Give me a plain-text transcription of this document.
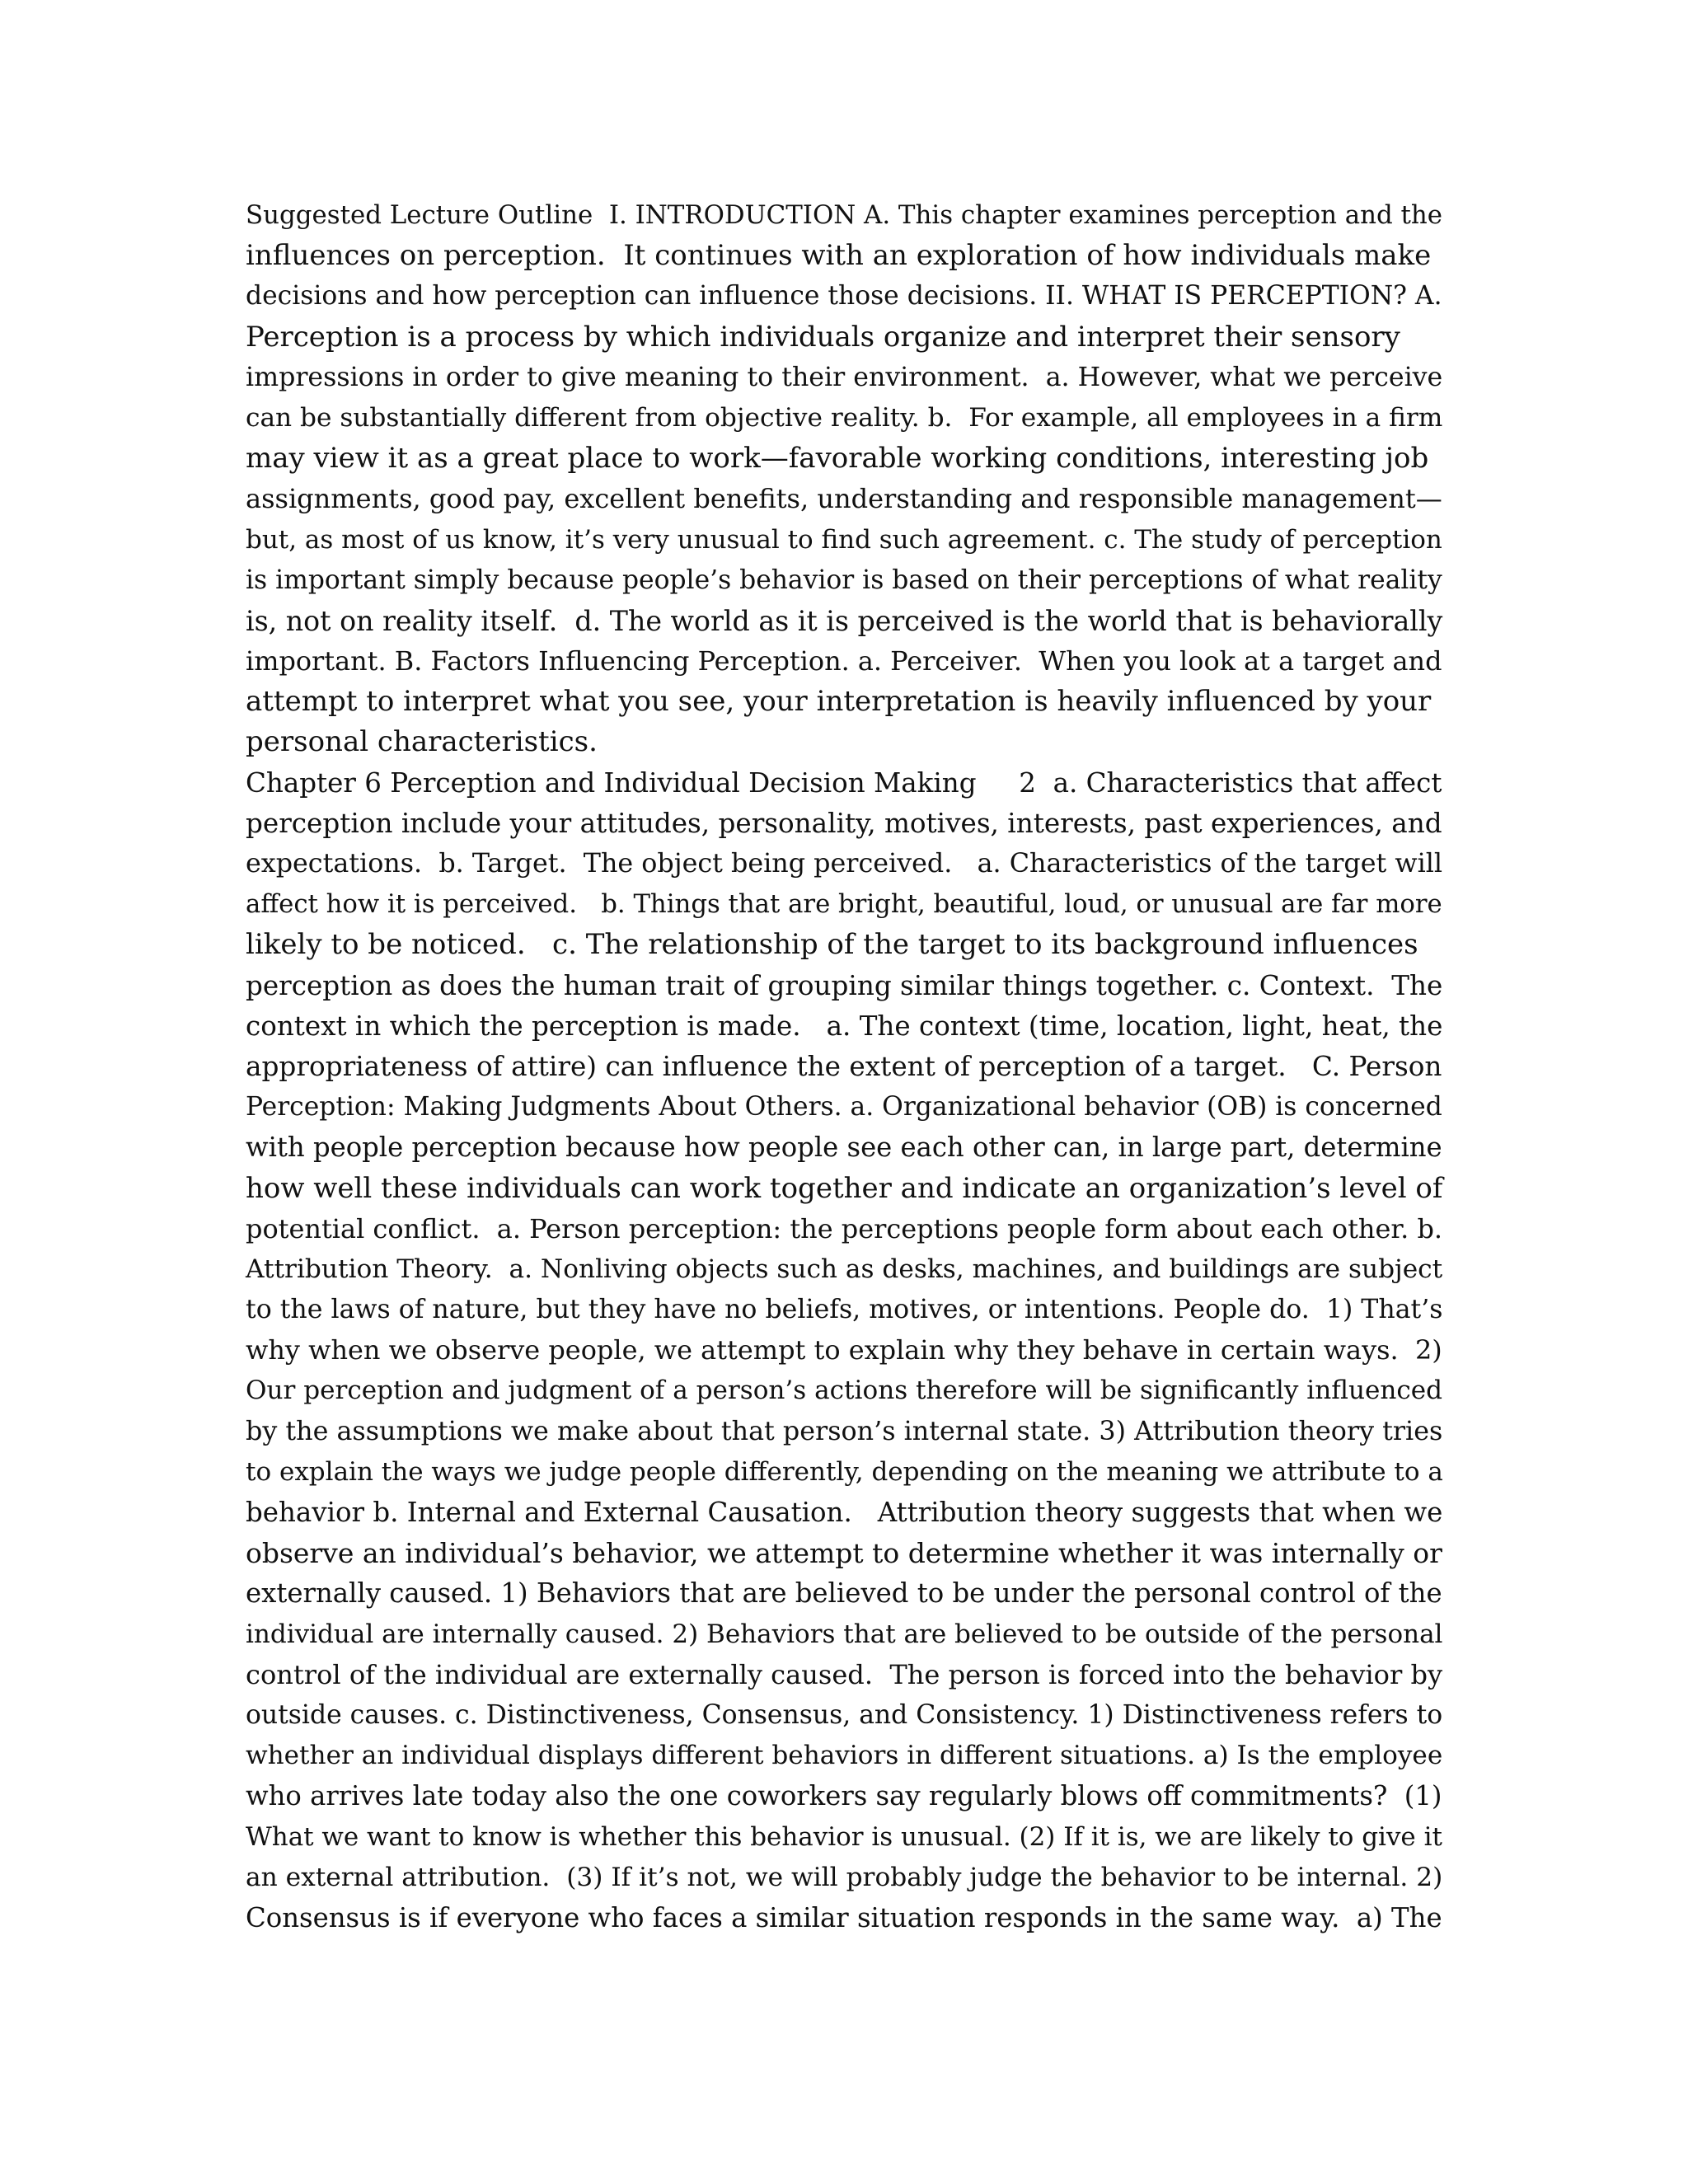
Suggested Lecture Outline  I. INTRODUCTION A. This chapter examines perception and the
influences on perception.  It continues with an exploration of how individuals make
decisions and how perception can influence those decisions. II. WHAT IS PERCEPTION? A.
Perception is a process by which individuals organize and interpret their sensory
impressions in order to give meaning to their environment.  a. However, what we perceive
can be substantially different from objective reality. b.  For example, all employees in a firm
may view it as a great place to work—favorable working conditions, interesting job
assignments, good pay, excellent benefits, understanding and responsible management—
but, as most of us know, it’s very unusual to find such agreement. c. The study of perception
is important simply because people’s behavior is based on their perceptions of what reality
is, not on reality itself.  d. The world as it is perceived is the world that is behaviorally
important. B. Factors Influencing Perception. a. Perceiver.  When you look at a target and
attempt to interpret what you see, your interpretation is heavily influenced by your
personal characteristics.
Chapter 6 Perception and Individual Decision Making     2  a. Characteristics that affect
perception include your attitudes, personality, motives, interests, past experiences, and
expectations.  b. Target.  The object being perceived.   a. Characteristics of the target will
affect how it is perceived.   b. Things that are bright, beautiful, loud, or unusual are far more
likely to be noticed.   c. The relationship of the target to its background influences
perception as does the human trait of grouping similar things together. c. Context.  The
context in which the perception is made.   a. The context (time, location, light, heat, the
appropriateness of attire) can influence the extent of perception of a target.   C. Person
Perception: Making Judgments About Others. a. Organizational behavior (OB) is concerned
with people perception because how people see each other can, in large part, determine
how well these individuals can work together and indicate an organization’s level of
potential conflict.  a. Person perception: the perceptions people form about each other. b.
Attribution Theory.  a. Nonliving objects such as desks, machines, and buildings are subject
to the laws of nature, but they have no beliefs, motives, or intentions. People do.  1) That’s
why when we observe people, we attempt to explain why they behave in certain ways.  2)
Our perception and judgment of a person’s actions therefore will be significantly influenced
by the assumptions we make about that person’s internal state. 3) Attribution theory tries
to explain the ways we judge people differently, depending on the meaning we attribute to a
behavior b. Internal and External Causation.   Attribution theory suggests that when we
observe an individual’s behavior, we attempt to determine whether it was internally or
externally caused. 1) Behaviors that are believed to be under the personal control of the
individual are internally caused. 2) Behaviors that are believed to be outside of the personal
control of the individual are externally caused.  The person is forced into the behavior by
outside causes. c. Distinctiveness, Consensus, and Consistency. 1) Distinctiveness refers to
whether an individual displays different behaviors in different situations. a) Is the employee
who arrives late today also the one coworkers say regularly blows off commitments?  (1)
What we want to know is whether this behavior is unusual. (2) If it is, we are likely to give it
an external attribution.  (3) If it’s not, we will probably judge the behavior to be internal. 2)
Consensus is if everyone who faces a similar situation responds in the same way.  a) The
